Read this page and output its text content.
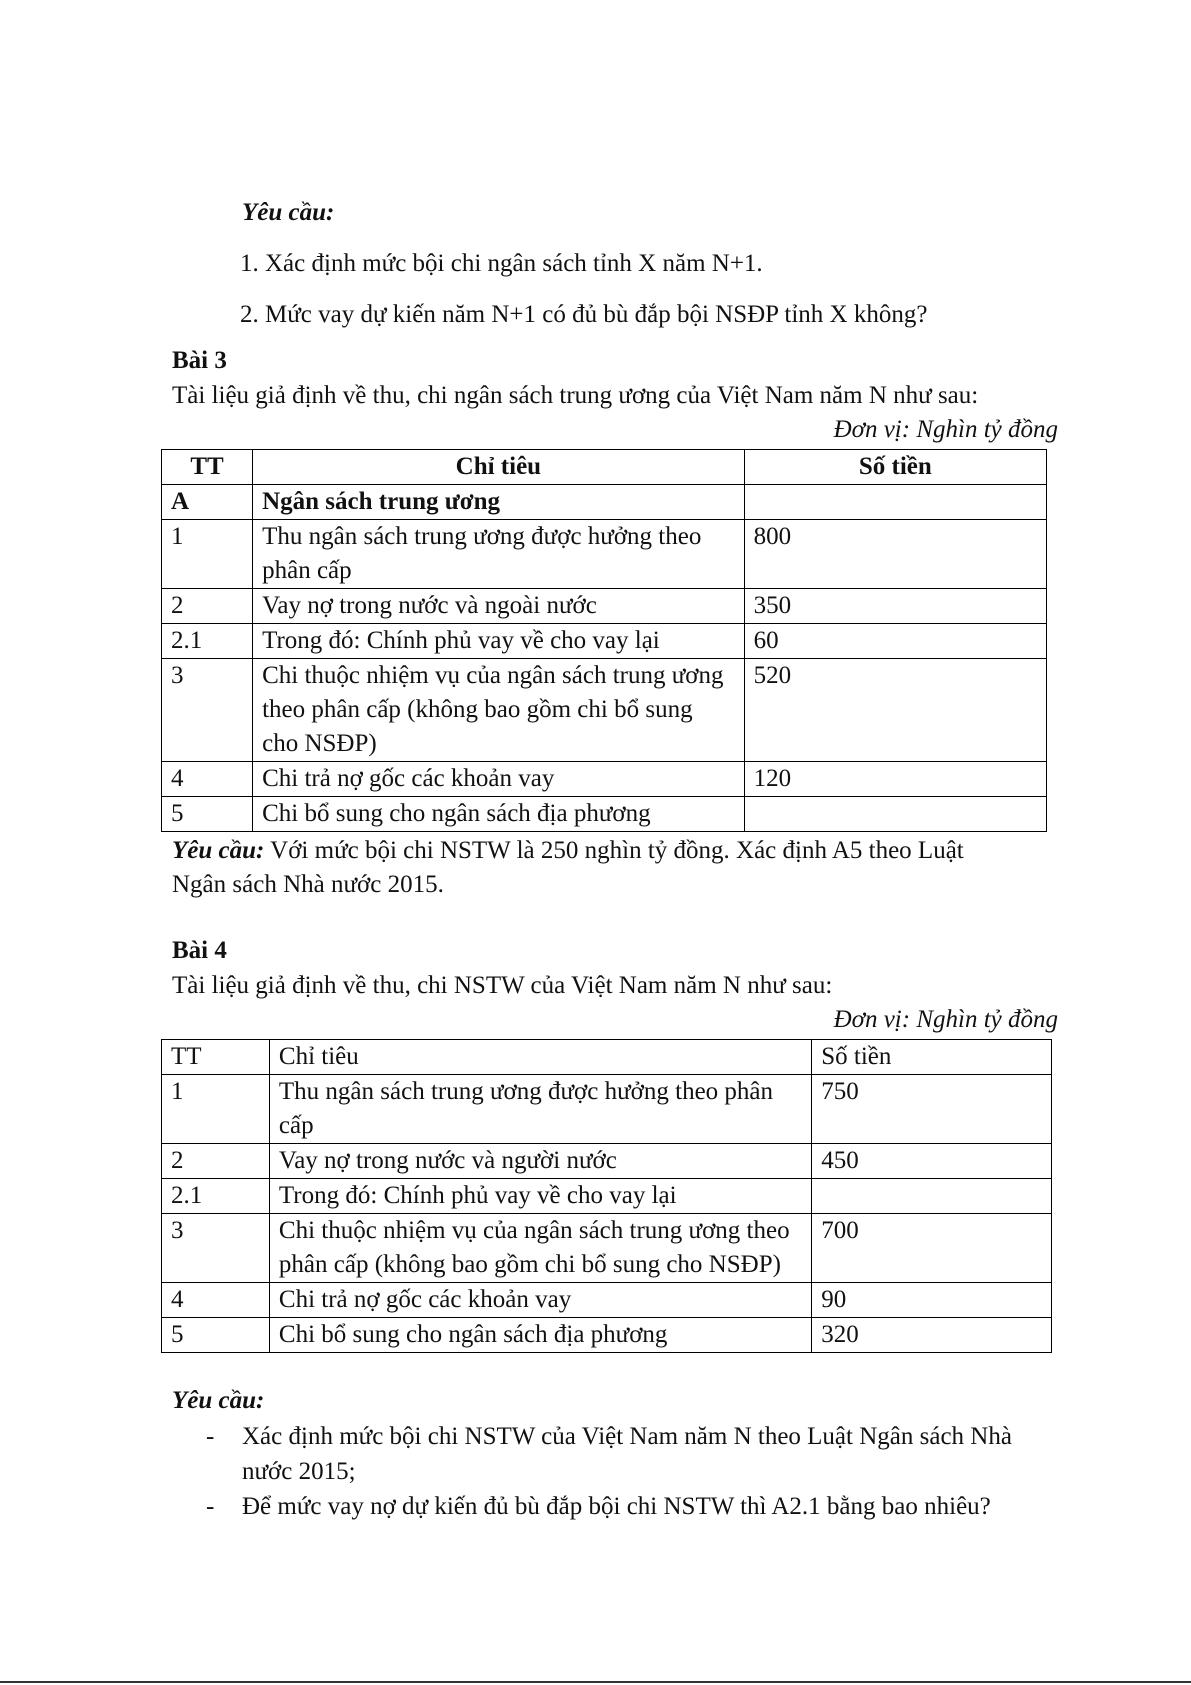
Yêu cầu:
1. Xác định mức bội chi ngân sách tỉnh X năm N+1.
2. Mức vay dự kiến năm N+1 có đủ bù đắp bội NSĐP tỉnh X không?
Bài 3
Tài liệu giả định về thu, chi ngân sách trung ương của Việt Nam năm N như sau:
Đơn vị: Nghìn tỷ đồng
TT	Chỉ tiêu	Số tiền
A	Ngân sách trung ương	
1	Thu ngân sách trung ương được hưởng theo phân cấp	800
2	Vay nợ trong nước và ngoài nước	350
2.1	Trong đó: Chính phủ vay về cho vay lại	60
3	Chi thuộc nhiệm vụ của ngân sách trung ương theo phân cấp (không bao gồm chi bổ sung cho NSĐP)	520
4	Chi trả nợ gốc các khoản vay	120
5	Chi bổ sung cho ngân sách địa phương	
Yêu cầu: Với mức bội chi NSTW là 250 nghìn tỷ đồng. Xác định A5 theo Luật
Ngân sách Nhà nước 2015.
Bài 4
Tài liệu giả định về thu, chi NSTW của Việt Nam năm N như sau:
Đơn vị: Nghìn tỷ đồng
TT	Chỉ tiêu	Số tiền
1	Thu ngân sách trung ương được hưởng theo phân cấp	750
2	Vay nợ trong nước và người nước	450
2.1	Trong đó: Chính phủ vay về cho vay lại	
3	Chi thuộc nhiệm vụ của ngân sách trung ương theo phân cấp (không bao gồm chi bổ sung cho NSĐP)	700
4	Chi trả nợ gốc các khoản vay	90
5	Chi bổ sung cho ngân sách địa phương	320
Yêu cầu:
- Xác định mức bội chi NSTW của Việt Nam năm N theo Luật Ngân sách Nhà
nước 2015;
- Để mức vay nợ dự kiến đủ bù đắp bội chi NSTW thì A2.1 bằng bao nhiêu?
